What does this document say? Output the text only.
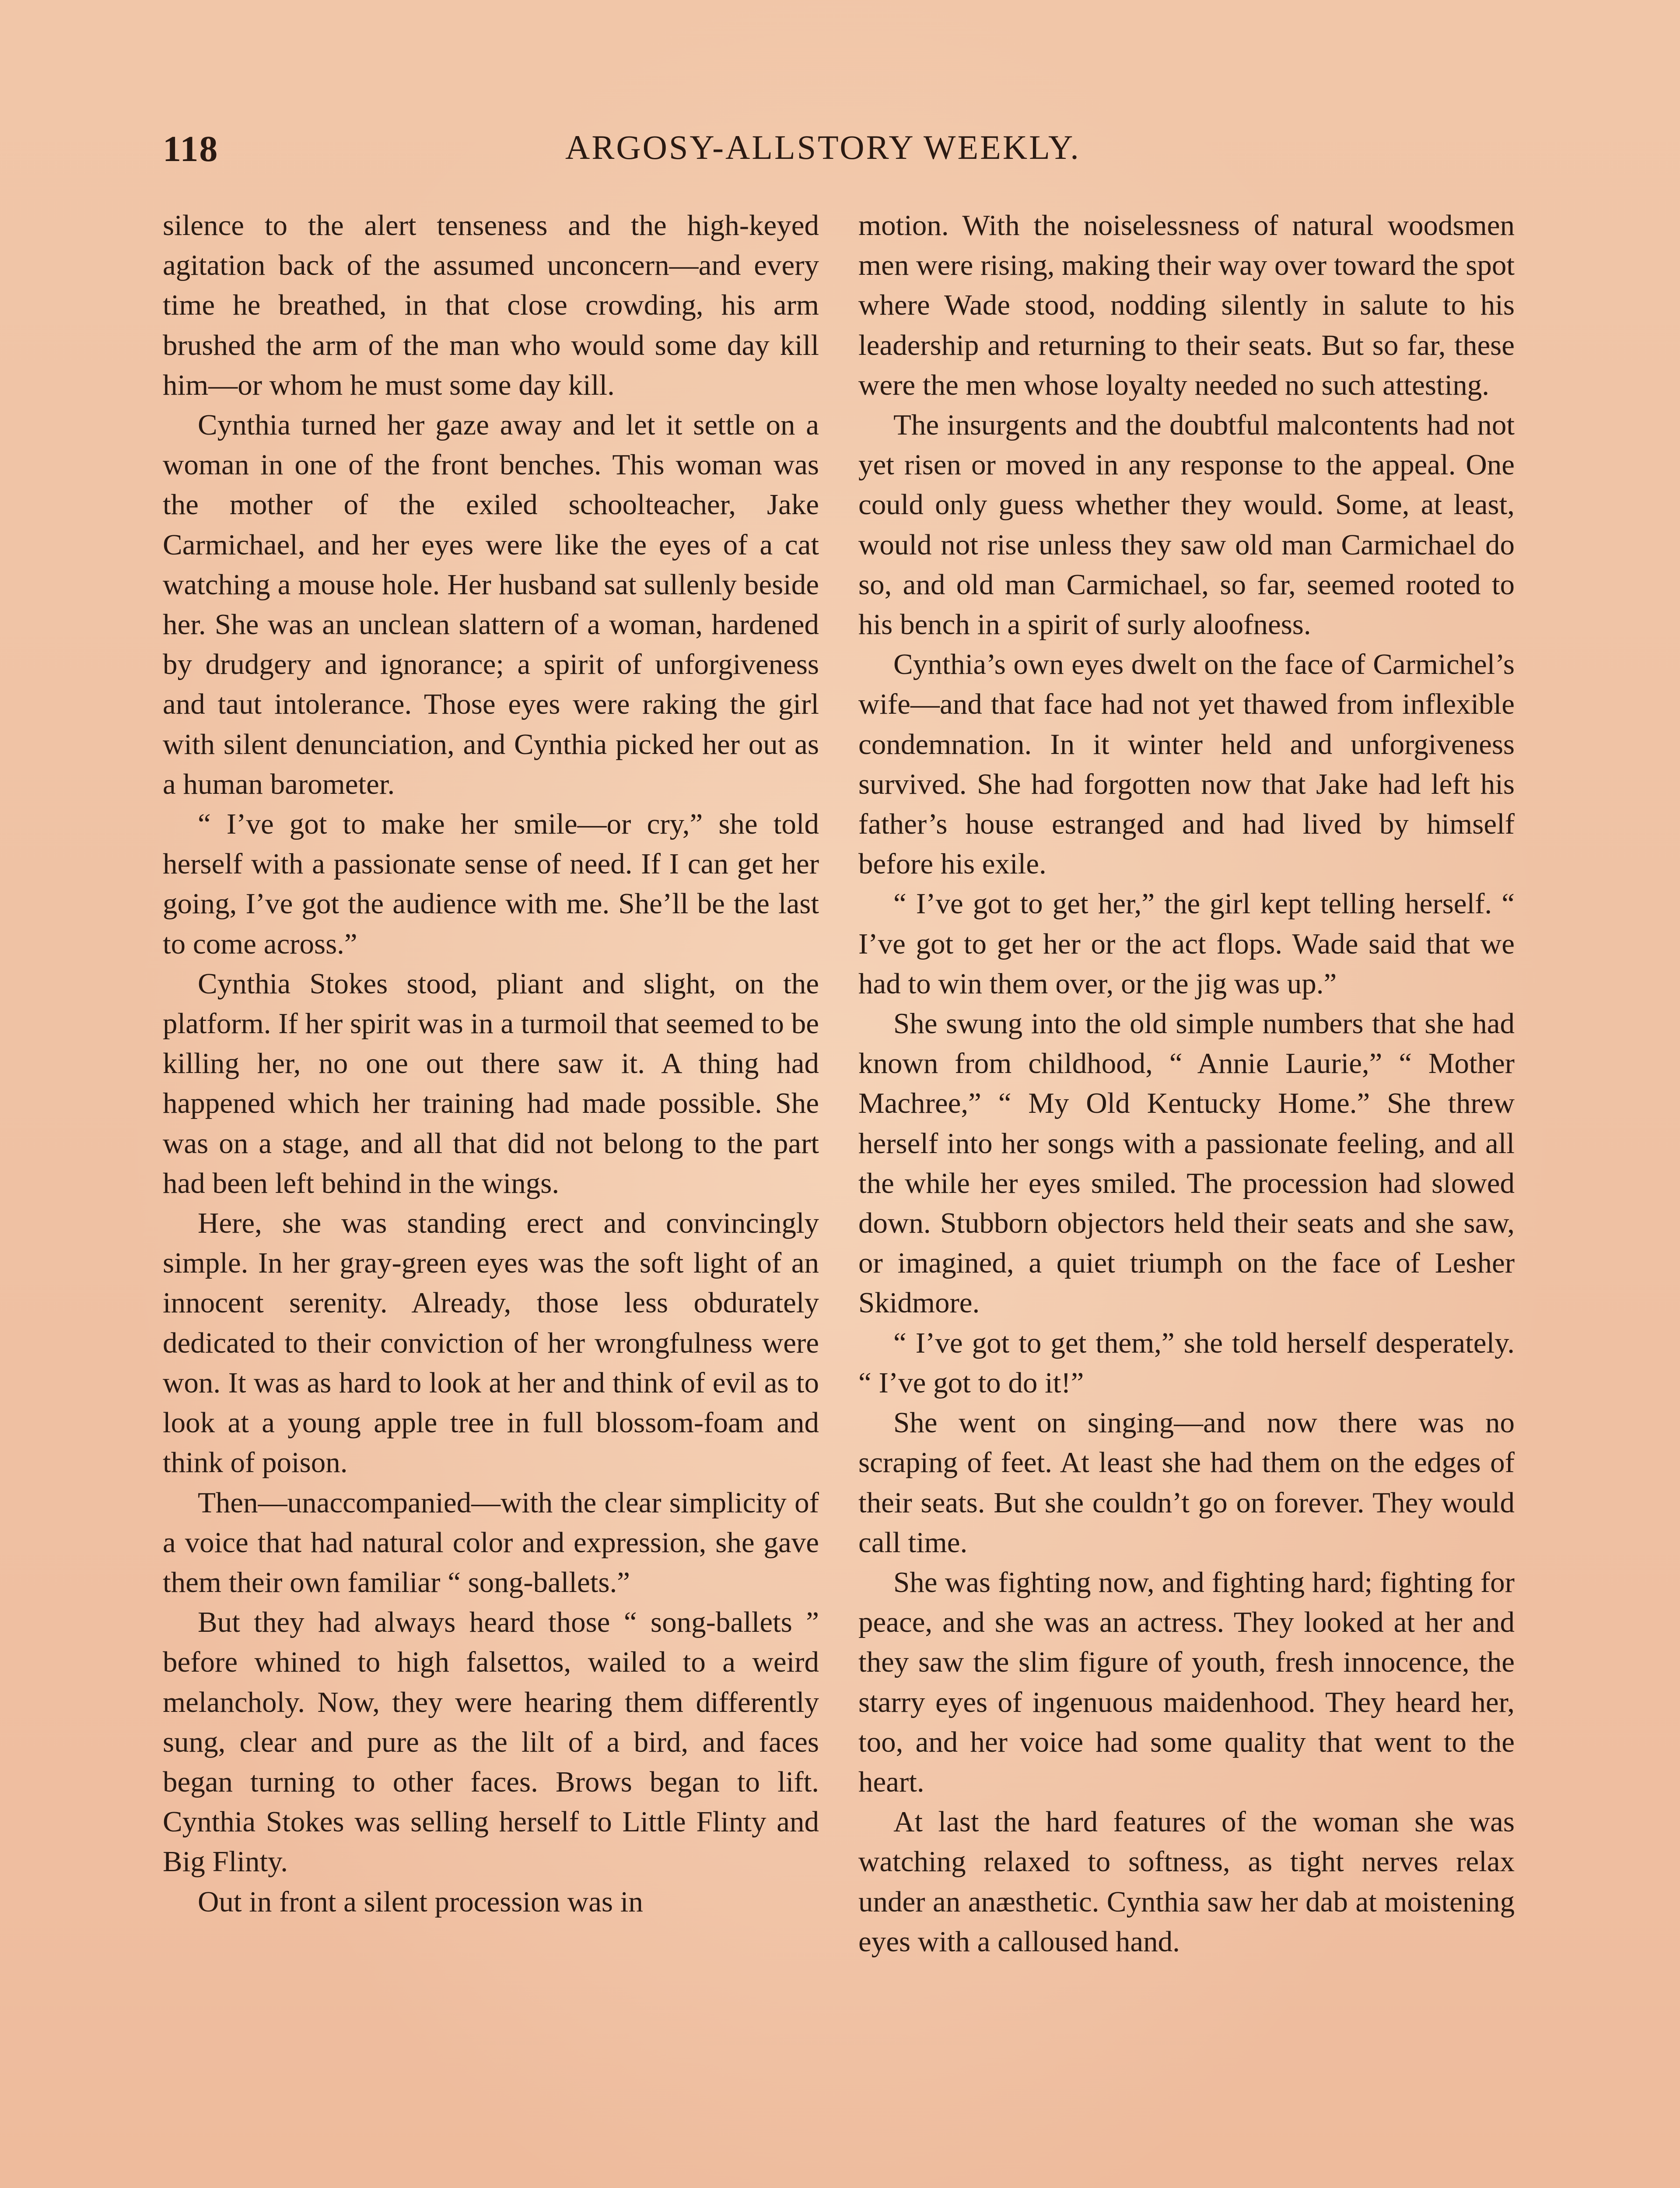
118	ARGOSY-ALLSTORY WEEKLY.

silence to the alert tenseness and the high-keyed agitation back of the assumed unconcern—and every time he breathed, in that close crowding, his arm brushed the arm of the man who would some day kill him—or whom he must some day kill.

Cynthia turned her gaze away and let it settle on a woman in one of the front benches. This woman was the mother of the exiled schoolteacher, Jake Carmichael, and her eyes were like the eyes of a cat watching a mouse hole. Her husband sat sullenly beside her. She was an unclean slattern of a woman, hardened by drudgery and ignorance; a spirit of unforgiveness and taut intolerance. Those eyes were raking the girl with silent denunciation, and Cynthia picked her out as a human barometer.

“ I’ve got to make her smile—or cry,” she told herself with a passionate sense of need. If I can get her going, I’ve got the audience with me. She’ll be the last to come across.”

Cynthia Stokes stood, pliant and slight, on the platform. If her spirit was in a turmoil that seemed to be killing her, no one out there saw it. A thing had happened which her training had made possible. She was on a stage, and all that did not belong to the part had been left behind in the wings.

Here, she was standing erect and convincingly simple. In her gray-green eyes was the soft light of an innocent serenity. Already, those less obdurately dedicated to their conviction of her wrongfulness were won. It was as hard to look at her and think of evil as to look at a young apple tree in full blossom-foam and think of poison.

Then—unaccompanied—with the clear simplicity of a voice that had natural color and expression, she gave them their own familiar “ song-ballets.”

But they had always heard those “ song-ballets ” before whined to high falsettos, wailed to a weird melancholy. Now, they were hearing them differently sung, clear and pure as the lilt of a bird, and faces began turning to other faces. Brows began to lift. Cynthia Stokes was selling herself to Little Flinty and Big Flinty.

Out in front a silent procession was in

motion. With the noiselessness of natural woodsmen men were rising, making their way over toward the spot where Wade stood, nodding silently in salute to his leadership and returning to their seats. But so far, these were the men whose loyalty needed no such attesting.

The insurgents and the doubtful malcontents had not yet risen or moved in any response to the appeal. One could only guess whether they would. Some, at least, would not rise unless they saw old man Carmichael do so, and old man Carmichael, so far, seemed rooted to his bench in a spirit of surly aloofness.

Cynthia’s own eyes dwelt on the face of Carmichel’s wife—and that face had not yet thawed from inflexible condemnation. In it winter held and unforgiveness survived. She had forgotten now that Jake had left his father’s house estranged and had lived by himself before his exile.

“ I’ve got to get her,” the girl kept telling herself. “ I’ve got to get her or the act flops. Wade said that we had to win them over, or the jig was up.”

She swung into the old simple numbers that she had known from childhood, “ Annie Laurie,” “ Mother Machree,” “ My Old Kentucky Home.” She threw herself into her songs with a passionate feeling, and all the while her eyes smiled. The procession had slowed down. Stubborn objectors held their seats and she saw, or imagined, a quiet triumph on the face of Lesher Skidmore.

“ I’ve got to get them,” she told herself desperately. “ I’ve got to do it!”

She went on singing—and now there was no scraping of feet. At least she had them on the edges of their seats. But she couldn’t go on forever. They would call time.

She was fighting now, and fighting hard; fighting for peace, and she was an actress. They looked at her and they saw the slim figure of youth, fresh innocence, the starry eyes of ingenuous maidenhood. They heard her, too, and her voice had some quality that went to the heart.

At last the hard features of the woman she was watching relaxed to softness, as tight nerves relax under an anæsthetic. Cynthia saw her dab at moistening eyes with a calloused hand.
